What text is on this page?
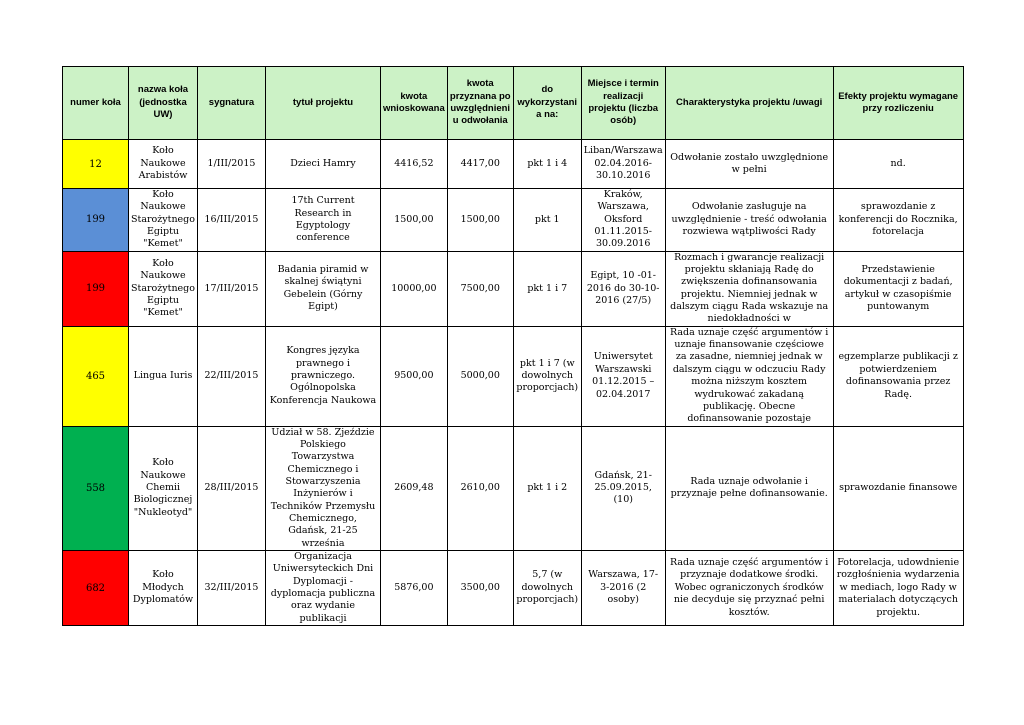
numer koła	nazwa koła (jednostka UW)	sygnatura	tytuł projektu	kwota wnioskowana	kwota przyznana po uwzględnieni u odwołania	do wykorzystani a na:	Miejsce i termin realizacji projektu (liczba osób)	Charakterystyka projektu /uwagi	Efekty projektu wymagane przy rozliczeniu
12	Koło Naukowe Arabistów	1/III/2015	Dzieci Hamry	4416,52	4417,00	pkt 1 i 4	Liban/Warszawa 02.04.2016-30.10.2016	Odwołanie zostało uwzględnione w pełni	nd.
199	Koło Naukowe Starożytnego Egiptu "Kemet"	16/III/2015	17th Current Research in Egyptology conference	1500,00	1500,00	pkt 1	Kraków, Warszawa, Oksford 01.11.2015-30.09.2016	Odwołanie zasługuje na uwzględnienie - treść odwołania rozwiewa wątpliwości Rady	sprawozdanie z konferencji do Rocznika, fotorelacja
199	Koło Naukowe Starożytnego Egiptu "Kemet"	17/III/2015	Badania piramid w skalnej świątyni Gebelein (Górny Egipt)	10000,00	7500,00	pkt 1 i 7	Egipt, 10 -01-2016 do 30-10-2016 (27/5)	Rozmach i gwarancje realizacji projektu skłaniają Radę do zwiększenia dofinansowania projektu. Niemniej jednak w dalszym ciągu Rada wskazuje na niedokładności w	Przedstawienie dokumentacji z badań, artykuł w czasopiśmie puntowanym
465	Lingua Iuris	22/III/2015	Kongres języka prawnego i prawniczego. Ogólnopolska Konferencja Naukowa	9500,00	5000,00	pkt 1 i 7 (w dowolnych proporcjach)	Uniwersytet Warszawski 01.12.2015 – 02.04.2017	Rada uznaje część argumentów i uznaje finansowanie częściowe za zasadne, niemniej jednak w dalszym ciągu w odczuciu Rady można niższym kosztem wydrukować zakadaną publikację. Obecne dofinansowanie pozostaje	egzemplarze publikacji z potwierdzeniem dofinansowania przez Radę.
558	Koło Naukowe Chemii Biologicznej "Nukleotyd"	28/III/2015	Udział w 58. Zjeździe Polskiego Towarzystwa Chemicznego i Stowarzyszenia Inżynierów i Techników Przemysłu Chemicznego, Gdańsk, 21-25 września	2609,48	2610,00	pkt 1 i 2	Gdańsk, 21-25.09.2015, (10)	Rada uznaje odwołanie i przyznaje pełne dofinansowanie.	sprawozdanie finansowe
682	Koło Młodych Dyplomatów	32/III/2015	Organizacja Uniwersyteckich Dni Dyplomacji - dyplomacja publiczna oraz wydanie publikacji	5876,00	3500,00	5,7 (w dowolnych proporcjach)	Warszawa, 17-3-2016 (2 osoby)	Rada uznaje część argumentów i przyznaje dodatkowe środki. Wobec ograniczonych środków nie decyduje się przyznać pełni kosztów.	Fotorelacja, udowdnienie rozgłośnienia wydarzenia w mediach, logo Rady w materialach dotyczących projektu.
